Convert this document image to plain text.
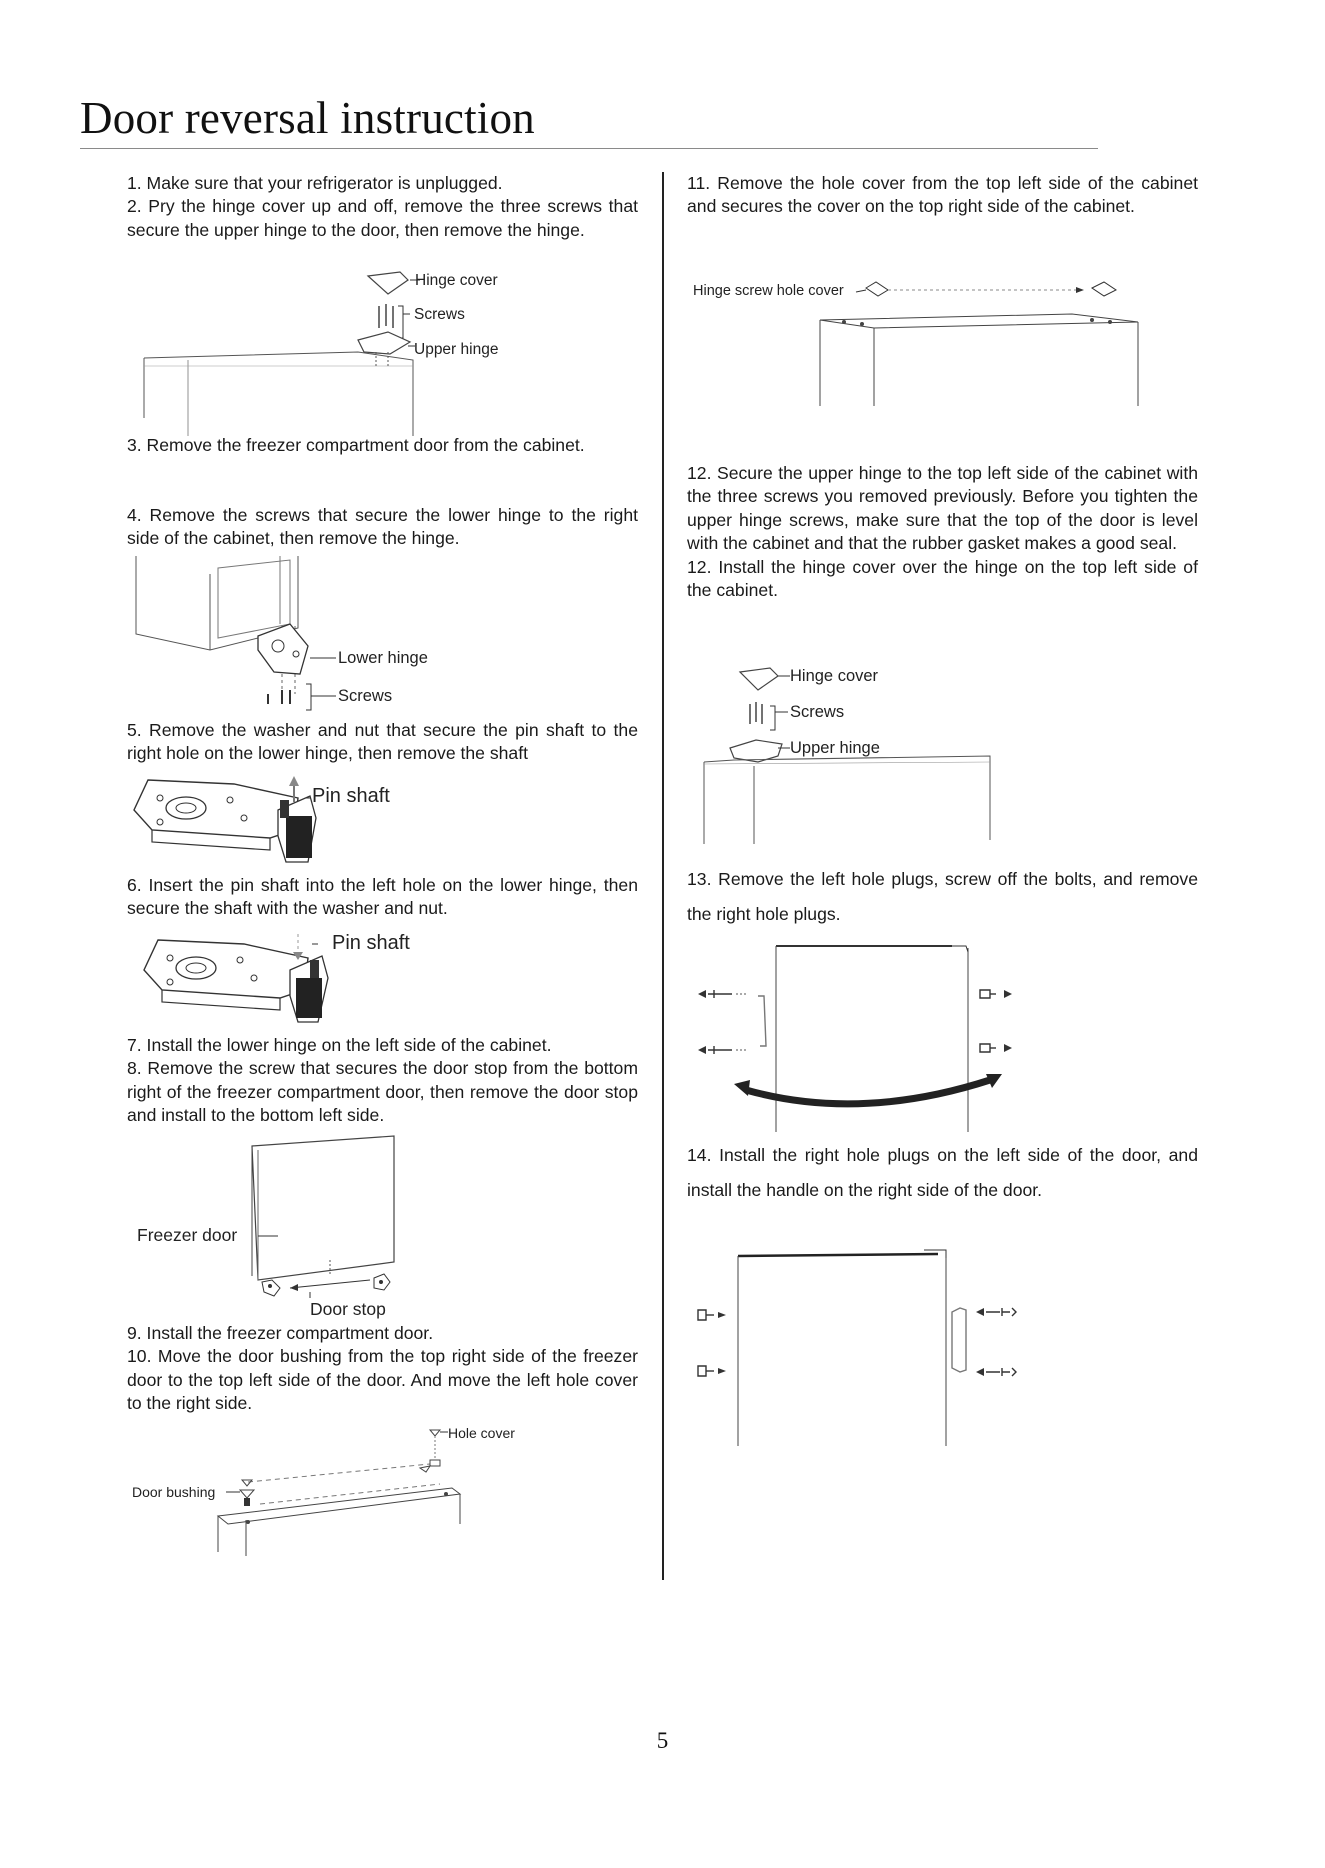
Door reversal instruction

1. Make sure that your refrigerator is unplugged.

2. Pry the hinge cover up and off, remove the three screws that secure the upper hinge to the door, then remove the hinge.

Hinge cover
Screws
Upper hinge

3. Remove the freezer compartment door from the cabinet.

4. Remove the screws that secure the lower hinge to the right side of the cabinet, then remove the hinge.

Lower hinge
Screws

5. Remove the washer and nut that secure the pin shaft to the right hole on the lower hinge, then remove the shaft

Pin shaft

6. Insert the pin shaft into the left hole on the lower hinge, then secure the shaft with the washer and nut.

Pin shaft

7. Install the lower hinge on the left side of the cabinet.

8. Remove the screw that secures the door stop from the bottom right of the freezer compartment door, then remove the door stop and install to the bottom left side.

Freezer door
Door stop

9. Install the freezer compartment door.

10. Move the door bushing from the top right side of the freezer door to the top left side of the door. And move the left hole cover to the right side.

Hole cover
Door bushing

11. Remove the hole cover from the top left side of the cabinet and secures the cover on the top right side of the cabinet.

Hinge screw hole cover

12. Secure the upper hinge to the top left side of the cabinet with the three screws you removed previously. Before you tighten the upper hinge screws, make sure that the top of the door is level with the cabinet and that the rubber gasket makes a good seal.

12. Install the hinge cover over the hinge on the top left side of the cabinet.

Hinge cover
Screws
Upper hinge

13. Remove the left hole plugs, screw off the bolts, and remove the right hole plugs.

14. Install the right hole plugs on the left side of the door, and install the handle on the right side of the door.

5
